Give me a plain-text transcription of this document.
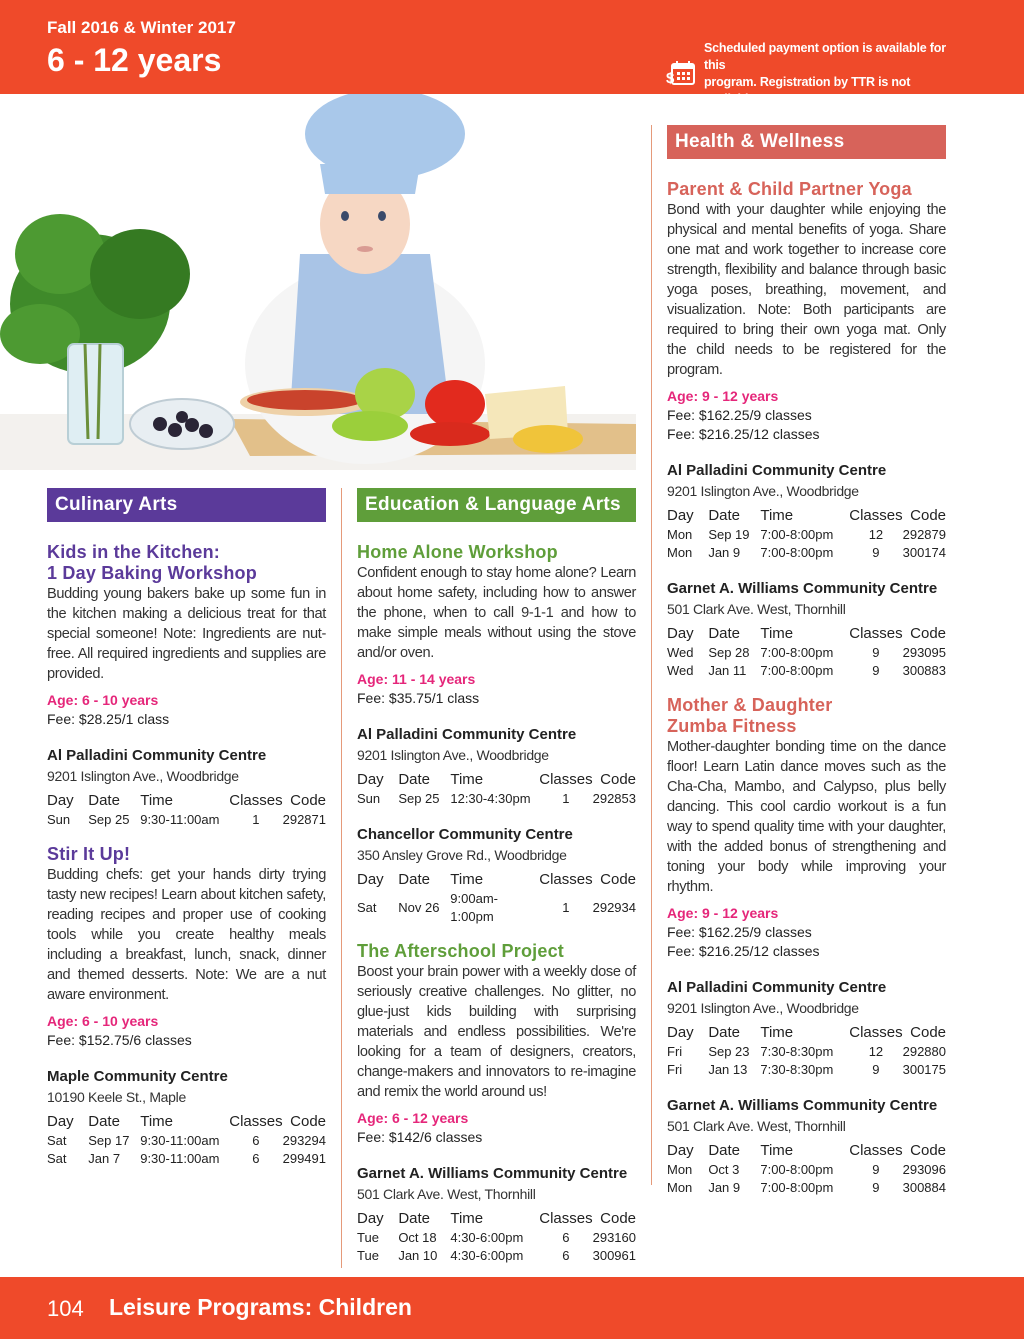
Fall 2016 & Winter 2017
6 - 12 years
$
Scheduled payment option is available for this
program. Registration by TTR is not available.
Culinary Arts
Kids in the Kitchen:
1 Day Baking Workshop
Budding young bakers bake up some fun in the kitchen making a delicious treat for that special someone! Note: Ingredients are nut-free. All required ingredients and supplies are provided.
Age: 6 - 10 years
Fee: $28.25/1 class
Al Palladini Community Centre
9201 Islington Ave., Woodbridge
Day	Date	Time	Classes	Code
Sun	Sep 25	9:30-11:00am	1	292871
Stir It Up!
Budding chefs: get your hands dirty trying tasty new recipes! Learn about kitchen safety, reading recipes and proper use of cooking tools while you create healthy meals including a breakfast, lunch, snack, dinner and themed desserts. Note: We are a nut aware environment.
Age: 6 - 10 years
Fee: $152.75/6 classes
Maple Community Centre
10190 Keele St., Maple
Day	Date	Time	Classes	Code
Sat	Sep 17	9:30-11:00am	6	293294
Sat	Jan 7	9:30-11:00am	6	299491
Education & Language Arts
Home Alone Workshop
Confident enough to stay home alone? Learn about home safety, including how to answer the phone, when to call 9-1-1 and how to make simple meals without using the stove and/or oven.
Age: 11 - 14 years
Fee: $35.75/1 class
Al Palladini Community Centre
9201 Islington Ave., Woodbridge
Day	Date	Time	Classes	Code
Sun	Sep 25	12:30-4:30pm	1	292853
Chancellor Community Centre
350 Ansley Grove Rd., Woodbridge
Day	Date	Time	Classes	Code
Sat	Nov 26	9:00am-1:00pm	1	292934
The Afterschool Project
Boost your brain power with a weekly dose of seriously creative challenges. No glitter, no glue-just kids building with surprising materials and endless possibilities. We're looking for a team of designers, creators, change-makers and innovators to re-imagine and remix the world around us!
Age: 6 - 12 years
Fee: $142/6 classes
Garnet A. Williams Community Centre
501 Clark Ave. West, Thornhill
Day	Date	Time	Classes	Code
Tue	Oct 18	4:30-6:00pm	6	293160
Tue	Jan 10	4:30-6:00pm	6	300961
Health & Wellness
Parent & Child Partner Yoga
Bond with your daughter while enjoying the physical and mental benefits of yoga. Share one mat and work together to increase core strength, flexibility and balance through basic yoga poses, breathing, movement, and visualization. Note: Both participants are required to bring their own yoga mat. Only the child needs to be registered for the program.
Age: 9 - 12 years
Fee: $162.25/9 classes
Fee: $216.25/12 classes
Al Palladini Community Centre
9201 Islington Ave., Woodbridge
Day	Date	Time	Classes	Code
Mon	Sep 19	7:00-8:00pm	12	292879
Mon	Jan 9	7:00-8:00pm	9	300174
Garnet A. Williams Community Centre
501 Clark Ave. West, Thornhill
Day	Date	Time	Classes	Code
Wed	Sep 28	7:00-8:00pm	9	293095
Wed	Jan 11	7:00-8:00pm	9	300883
Mother & Daughter
Zumba Fitness
Mother-daughter bonding time on the dance floor! Learn Latin dance moves such as the Cha-Cha, Mambo, and Calypso, plus belly dancing. This cool cardio workout is a fun way to spend quality time with your daughter, with the added bonus of strengthening and toning your body while improving your rhythm.
Age: 9 - 12 years
Fee: $162.25/9 classes
Fee: $216.25/12 classes
Al Palladini Community Centre
9201 Islington Ave., Woodbridge
Day	Date	Time	Classes	Code
Fri	Sep 23	7:30-8:30pm	12	292880
Fri	Jan 13	7:30-8:30pm	9	300175
Garnet A. Williams Community Centre
501 Clark Ave. West, Thornhill
Day	Date	Time	Classes	Code
Mon	Oct 3	7:00-8:00pm	9	293096
Mon	Jan 9	7:00-8:00pm	9	300884
104 Leisure Programs: Children
